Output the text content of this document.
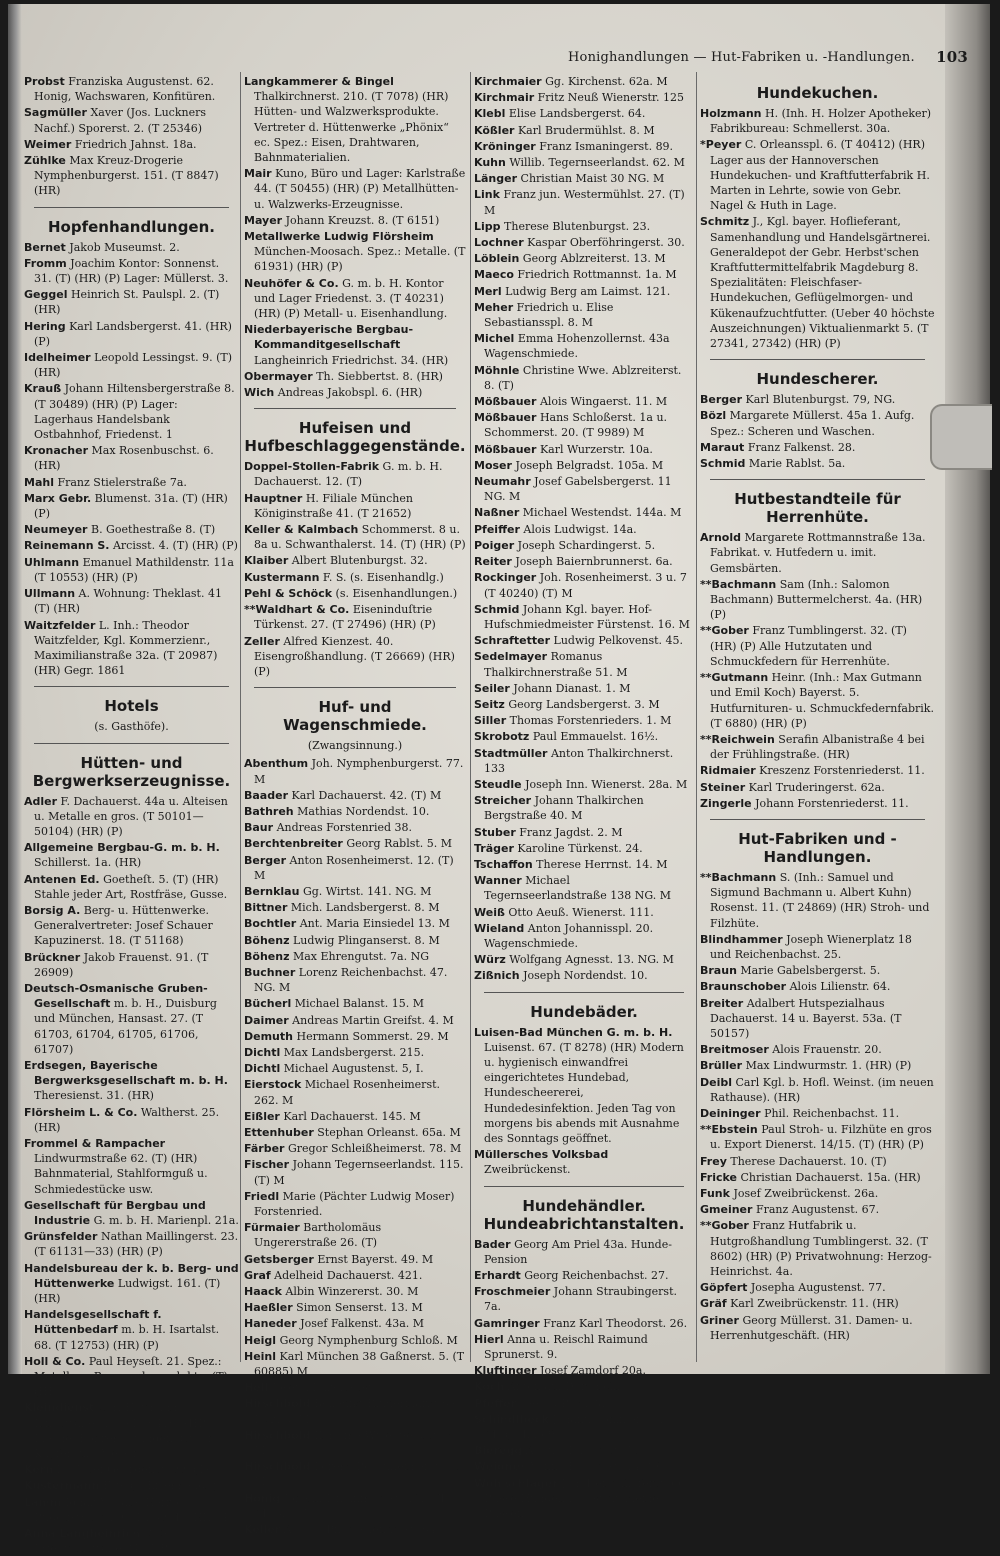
Honighandlungen — Hut-Fabriken u. -Handlungen. 103
Probst Franziska Augustenst. 62. Honig, Wachswaren, Konfitüren.
Sagmüller Xaver (Jos. Luckners Nachf.) Sporerst. 2. (T 25346)
Weimer Friedrich Jahnst. 18a.
Zühlke Max Kreuz-Drogerie Nymphenburgerst. 151. (T 8847) (HR)
Hopfenhandlungen.
Bernet Jakob Museumst. 2.
Fromm Joachim Kontor: Sonnenst. 31. (T) (HR) (P) Lager: Müllerst. 3.
Geggel Heinrich St. Paulspl. 2. (T) (HR)
Hering Karl Landsbergerst. 41. (HR) (P)
Idelheimer Leopold Lessingst. 9. (T) (HR)
Krauß Johann Hiltensbergerstraße 8. (T 30489) (HR) (P) Lager: Lagerhaus Handelsbank Ostbahnhof, Friedenst. 1
Kronacher Max Rosenbuschst. 6. (HR)
Mahl Franz Stielerstraße 7a.
Marx Gebr. Blumenst. 31a. (T) (HR) (P)
Neumeyer B. Goethestraße 8. (T)
Reinemann S. Arcisst. 4. (T) (HR) (P)
Uhlmann Emanuel Mathildenstr. 11a (T 10553) (HR) (P)
Ullmann A. Wohnung: Theklast. 41 (T) (HR)
Waitzfelder L. Inh.: Theodor Waitzfelder, Kgl. Kommerzienr., Maximilianstraße 32a. (T 20987) (HR) Gegr. 1861
Hotels
(s. Gasthöfe).
Hütten- und Bergwerkserzeugnisse.
Adler F. Dachauerst. 44a u. Alteisen u. Metalle en gros. (T 50101—50104) (HR) (P)
Allgemeine Bergbau-G. m. b. H. Schillerst. 1a. (HR)
Antenen Ed. Goetheſt. 5. (T) (HR) Stahle jeder Art, Rostfräse, Gusse.
Borsig A. Berg- u. Hüttenwerke. Generalvertreter: Josef Schauer Kapuzinerst. 18. (T 51168)
Brückner Jakob Frauenst. 91. (T 26909)
Deutsch-Osmanische Gruben-Gesellschaft m. b. H., Duisburg und München, Hansast. 27. (T 61703, 61704, 61705, 61706, 61707)
Erdsegen, Bayerische Bergwerksgesellschaft m. b. H. Theresienst. 31. (HR)
Flörsheim L. & Co. Waltherst. 25. (HR)
Frommel & Rampacher Lindwurmstraße 62. (T) (HR) Bahnmaterial, Stahlformguß u. Schmiedestücke usw.
Gesellschaft für Bergbau und Industrie G. m. b. H. Marienpl. 21a.
Grünsfelder Nathan Maillingerst. 23. (T 61131—33) (HR) (P)
Handelsbureau der k. b. Berg- und Hüttenwerke Ludwigst. 161. (T) (HR)
Handelsgesellschaft f. Hüttenbedarf m. b. H. Isartalst. 68. (T 12753) (HR) (P)
Holl & Co. Paul Heyseſt. 21. Spez.: Metalle u. Bergwerksprodukte. (T) (HR)
Kleindienst Carl Hermann Lingstraße 121. (T 50410) (HR) Bleche, Röhren, Stangen usw. in Kupfer und Messing.
Kern Dr. Josef Georgenst. 99. (T)
Kustermann F. S. (s. Eisenhandlg.)
Lamm Ignaz Metalle Herzog Rudolfstraße 20. (T 23901) (HR) (P)
Anna Langheinrich C. G. Friedrichstraße 34. (HR)
Langkammerer & Bingel Thalkirchnerst. 210. (T 7078) (HR) Hütten- und Walzwerksprodukte. Vertreter d. Hüttenwerke „Phönix“ ec. Spez.: Eisen, Drahtwaren, Bahnmaterialien.
Mair Kuno, Büro und Lager: Karlstraße 44. (T 50455) (HR) (P) Metallhütten- u. Walzwerks-Erzeugnisse.
Mayer Johann Kreuzst. 8. (T 6151)
Metallwerke Ludwig Flörsheim München-Moosach. Spez.: Metalle. (T 61931) (HR) (P)
Neuhöfer & Co. G. m. b. H. Kontor und Lager Friedenst. 3. (T 40231) (HR) (P) Metall- u. Eisenhandlung.
Niederbayerische Bergbau-Kommanditgesellschaft Langheinrich Friedrichst. 34. (HR)
Obermayer Th. Siebbertst. 8. (HR)
Wich Andreas Jakobspl. 6. (HR)
Hufeisen und Hufbeschlaggegenstände.
Doppel-Stollen-Fabrik G. m. b. H. Dachauerst. 12. (T)
Hauptner H. Filiale München Königinstraße 41. (T 21652)
Keller & Kalmbach Schommerst. 8 u. 8a u. Schwanthalerst. 14. (T) (HR) (P)
Klaiber Albert Blutenburgst. 32.
Kustermann F. S. (s. Eisenhandlg.)
Pehl & Schöck (s. Eisenhandlungen.)
**Waldhart & Co. Eiseninduſtrie Türkenst. 27. (T 27496) (HR) (P)
Zeller Alfred Kienzest. 40. Eisengroßhandlung. (T 26669) (HR) (P)
Huf- und Wagenschmiede.
(Zwangsinnung.)
Abenthum Joh. Nymphenburgerst. 77. M
Baader Karl Dachauerst. 42. (T) M
Bathreh Mathias Nordendst. 10.
Baur Andreas Forstenried 38.
Berchtenbreiter Georg Rablst. 5. M
Berger Anton Rosenheimerst. 12. (T) M
Bernklau Gg. Wirtst. 141. NG. M
Bittner Mich. Landsbergerst. 8. M
Bochtler Ant. Maria Einsiedel 13. M
Böhenz Ludwig Plinganserst. 8. M
Böhenz Max Ehrengutst. 7a. NG
Buchner Lorenz Reichenbachst. 47. NG. M
Bücherl Michael Balanst. 15. M
Daimer Andreas Martin Greifst. 4. M
Demuth Hermann Sommerst. 29. M
Dichtl Max Landsbergerst. 215.
Dichtl Michael Augustenst. 5, I.
Eierstock Michael Rosenheimerst. 262. M
Eißler Karl Dachauerst. 145. M
Ettenhuber Stephan Orleanst. 65a. M
Färber Gregor Schleißheimerst. 78. M
Fischer Johann Tegernseerlandst. 115. (T) M
Friedl Marie (Pächter Ludwig Moser) Forstenried.
Fürmaier Bartholomäus Ungererstraße 26. (T)
Getsberger Ernst Bayerst. 49. M
Graf Adelheid Dachauerst. 421.
Haack Albin Winzererst. 30. M
Haeßler Simon Senserst. 13. M
Haneder Josef Falkenst. 43a. M
Heigl Georg Nymphenburg Schloß. M
Heinl Karl München 38 Gaßnerst. 5. (T 60885) M
Hell Joseph Bazeillesst. 5.
Hirschbold Benedikt Rindermarkt 6a, I. Aufg. M
Hirschbold Karoline Wwe. Seidlst. 3. M
Hirschbold Lorenz Rosenheimerst. 85. M
Honig Johann Ismaningerst. 132. (T 41032) M
Keller August Pilgersheimerst. 64.
Kirchmaier Gg. Kirchenst. 62a. M
Kirchmair Fritz Neuß Wienerstr. 125
Klebl Elise Landsbergerst. 64.
Kößler Karl Brudermühlst. 8. M
Kröninger Franz Ismaningerst. 89.
Kuhn Willib. Tegernseerlandst. 62. M
Länger Christian Maist 30 NG. M
Link Franz jun. Westermühlst. 27. (T) M
Lipp Therese Blutenburgst. 23.
Lochner Kaspar Oberföhringerst. 30.
Löblein Georg Ablzreiterst. 13. M
Maeco Friedrich Rottmannst. 1a. M
Merl Ludwig Berg am Laimst. 121.
Meher Friedrich u. Elise Sebastiansspl. 8. M
Michel Emma Hohenzollernst. 43a Wagenschmiede.
Möhnle Christine Wwe. Ablzreiterst. 8. (T)
Mößbauer Alois Wingaerst. 11. M
Mößbauer Hans Schloßerst. 1a u. Schommerst. 20. (T 9989) M
Mößbauer Karl Wurzerstr. 10a.
Moser Joseph Belgradst. 105a. M
Neumahr Josef Gabelsbergerst. 11 NG. M
Naßner Michael Westendst. 144a. M
Pfeiffer Alois Ludwigst. 14a.
Poiger Joseph Schardingerst. 5.
Reiter Joseph Baiernbrunnerst. 6a.
Rockinger Joh. Rosenheimerst. 3 u. 7 (T 40240) (T) M
Schmid Johann Kgl. bayer. Hof-Hufschmiedmeister Fürstenst. 16. M
Schraftetter Ludwig Pelkovenst. 45.
Sedelmayer Romanus Thalkirchnerstraße 51. M
Seiler Johann Dianast. 1. M
Seitz Georg Landsbergerst. 3. M
Siller Thomas Forstenrieders. 1. M
Skrobotz Paul Emmauelst. 16½.
Stadtmüller Anton Thalkirchnerst. 133
Steudle Joseph Inn. Wienerst. 28a. M
Streicher Johann Thalkirchen Bergstraße 40. M
Stuber Franz Jagdst. 2. M
Träger Karoline Türkenst. 24.
Tschaffon Therese Herrnst. 14. M
Wanner Michael Tegernseerlandstraße 138 NG. M
Weiß Otto Aeuß. Wienerst. 111.
Wieland Anton Johannisspl. 20. Wagenschmiede.
Würz Wolfgang Agnesst. 13. NG. M
Zißnich Joseph Nordendst. 10.
Hundebäder.
Luisen-Bad München G. m. b. H. Luisenst. 67. (T 8278) (HR) Modern u. hygienisch einwandfrei eingerichtetes Hundebad, Hundescheererei, Hundedesinfektion. Jeden Tag von morgens bis abends mit Ausnahme des Sonntags geöffnet.
Müllersches Volksbad Zweibrückenst.
Hundehändler. Hundeabrichtanstalten.
Bader Georg Am Priel 43a. Hunde-Pension
Erhardt Georg Reichenbachst. 27.
Froschmeier Johann Straubingerst. 7a.
Gamringer Franz Karl Theodorst. 26.
Hierl Anna u. Reischl Raimund Sprunerst. 9.
Kluftinger Josef Zamdorf 20a.
Koch Anton am Durchſchlag.
Pfefferl Georg Plazl 2a.
Schindlbeck Johann Sommerstraße 41. (T 42289)
Bieregg August Baaderst. 45.
Weidner Minna Fuggerst. 14. NG.
Wohlschlager Joh. Deisenhoferst. 66. Rasse-Hundehdlg., spez. kleine Rassen.
Hundekuchen.
Holzmann H. (Inh. H. Holzer Apotheker) Fabrikbureau: Schmellerst. 30a.
*Peyer C. Orleansspl. 6. (T 40412) (HR) Lager aus der Hannoverschen Hundekuchen- und Kraftfutterfabrik H. Marten in Lehrte, sowie von Gebr. Nagel & Huth in Lage.
Schmitz J., Kgl. bayer. Hoflieferant, Samenhandlung und Handelsgärtnerei. Generaldepot der Gebr. Herbst'schen Kraftfuttermittelfabrik Magdeburg 8. Spezialitäten: Fleischfaser-Hundekuchen, Geflügelmorgen- und Kükenaufzuchtfutter. (Ueber 40 höchste Auszeichnungen) Viktualienmarkt 5. (T 27341, 27342) (HR) (P)
Hundescherer.
Berger Karl Blutenburgst. 79, NG.
Bözl Margarete Müllerst. 45a 1. Aufg. Spez.: Scheren und Waschen.
Maraut Franz Falkenst. 28.
Schmid Marie Rablst. 5a.
Hutbestandteile für Herrenhüte.
Arnold Margarete Rottmannstraße 13a. Fabrikat. v. Hutfedern u. imit. Gemsbärten.
**Bachmann Sam (Inh.: Salomon Bachmann) Buttermelcherst. 4a. (HR) (P)
**Gober Franz Tumblingerst. 32. (T) (HR) (P) Alle Hutzutaten und Schmuckfedern für Herrenhüte.
**Gutmann Heinr. (Inh.: Max Gutmann und Emil Koch) Bayerst. 5. Hutfurnituren- u. Schmuckfedernfabrik. (T 6880) (HR) (P)
**Reichwein Serafin Albanistraße 4 bei der Frühlingstraße. (HR)
Ridmaier Kreszenz Forstenriederst. 11.
Steiner Karl Truderingerst. 62a.
Zingerle Johann Forstenriederst. 11.
Hut-Fabriken und -Handlungen.
**Bachmann S. (Inh.: Samuel und Sigmund Bachmann u. Albert Kuhn) Rosenst. 11. (T 24869) (HR) Stroh- und Filzhüte.
Blindhammer Joseph Wienerplatz 18 und Reichenbachst. 25.
Braun Marie Gabelsbergerst. 5.
Braunschober Alois Lilienstr. 64.
Breiter Adalbert Hutspezialhaus Dachauerst. 14 u. Bayerst. 53a. (T 50157)
Breitmoser Alois Frauenstr. 20.
Brüller Max Lindwurmstr. 1. (HR) (P)
Deibl Carl Kgl. b. Hofl. Weinst. (im neuen Rathause). (HR)
Deininger Phil. Reichenbachst. 11.
**Ebstein Paul Stroh- u. Filzhüte en gros u. Export Dienerst. 14/15. (T) (HR) (P)
Frey Therese Dachauerst. 10. (T)
Fricke Christian Dachauerst. 15a. (HR)
Funk Josef Zweibrückenst. 26a.
Gmeiner Franz Augustenst. 67.
**Gober Franz Hutfabrik u. Hutgroßhandlung Tumblingerst. 32. (T 8602) (HR) (P) Privatwohnung: Herzog-Heinrichst. 4a.
Göpfert Josepha Augustenst. 77.
Gräf Karl Zweibrückenstr. 11. (HR)
Griner Georg Müllerst. 31. Damen- u. Herrenhutgeschäft. (HR)
